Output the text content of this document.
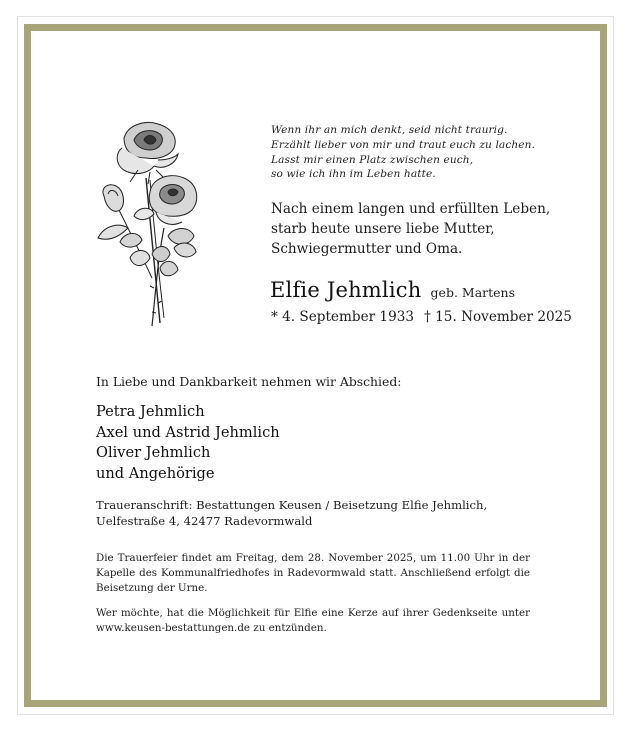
Wenn ihr an mich denkt, seid nicht traurig.
Erzählt lieber von mir und traut euch zu lachen.
Lasst mir einen Platz zwischen euch,
so wie ich ihn im Leben hatte.
Nach einem langen und erfüllten Leben,
starb heute unsere liebe Mutter,
Schwiegermutter und Oma.
Elfie Jehmlich geb. Martens
* 4. September 1933 † 15. November 2025
In Liebe und Dankbarkeit nehmen wir Abschied:
Petra Jehmlich
Axel und Astrid Jehmlich
Oliver Jehmlich
und Angehörige
Traueranschrift: Bestattungen Keusen / Beisetzung Elfie Jehmlich,
Uelfestraße 4, 42477 Radevormwald
Die Trauerfeier findet am Freitag, dem 28. November 2025, um 11.00 Uhr in der Kapelle des Kommunalfriedhofes in Radevormwald statt. Anschließend erfolgt die Beisetzung der Urne.
Wer möchte, hat die Möglichkeit für Elfie eine Kerze auf ihrer Gedenkseite unter www.keusen-bestattungen.de zu entzünden.
